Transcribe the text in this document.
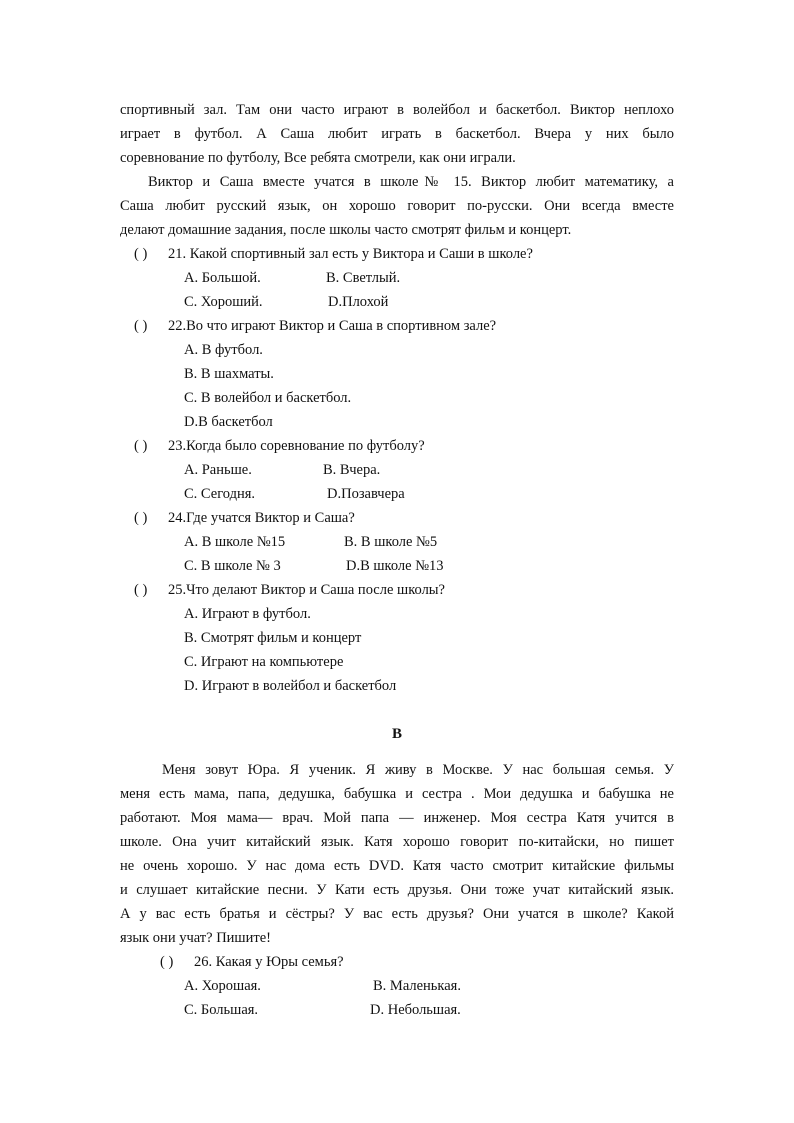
спортивный зал. Там они часто играют в волейбол и баскетбол. Виктор неплохо
играет в футбол. А Саша любит играть в баскетбол. Вчера у них было
соревнование по футболу, Все ребята смотрели, как они играли.
Виктор и Саша вместе учатся в школе№ 15. Виктор любит математику, а
Саша любит русский язык, он хорошо говорит по-русски. Они всегда вместе
делают домашние задания, после школы часто смотрят фильм и концерт.
( ) 21. Какой спортивный зал есть у Виктора и Саши в школе?
A. Большой.	B. Светлый.
C. Хороший.	D.Плохой
( ) 22.Во что играют Виктор и Саша в спортивном зале?
A. В футбол.
B. В шахматы.
C. В волейбол и баскетбол.
D.В баскетбол
( ) 23.Когда было соревнование по футболу?
A. Раньше.	B. Вчера.
C. Сегодня.	D.Позавчера
( ) 24.Где учатся Виктор и Саша?
A. В школе №15	B. В школе №5
C. В школе № 3	D.В школе №13
( ) 25.Что делают Виктор и Саша после школы?
A. Играют в футбол.
B. Смотрят фильм и концерт
C. Играют на компьютере
D. Играют в волейбол и баскетбол
B
Меня зовут Юра. Я ученик. Я живу в Москве. У нас большая семья. У
меня есть мама, папа, дедушка, бабушка и сестра . Мои дедушка и бабушка не
работают. Моя мама— врач. Мой папа — инженер. Моя сестра Катя учится в
школе. Она учит китайский язык. Катя хорошо говорит по-китайски, но пишет
не очень хорошо. У нас дома есть DVD. Катя часто смотрит китайские фильмы
и слушает китайские песни. У Кати есть друзья. Они тоже учат китайский язык.
А у вас есть братья и сёстры? У вас есть друзья? Они учатся в школе? Какой
язык они учат? Пишите!
( ) 26. Какая у Юры семья?
A. Хорошая.	B. Маленькая.
C. Большая.	D. Небольшая.
